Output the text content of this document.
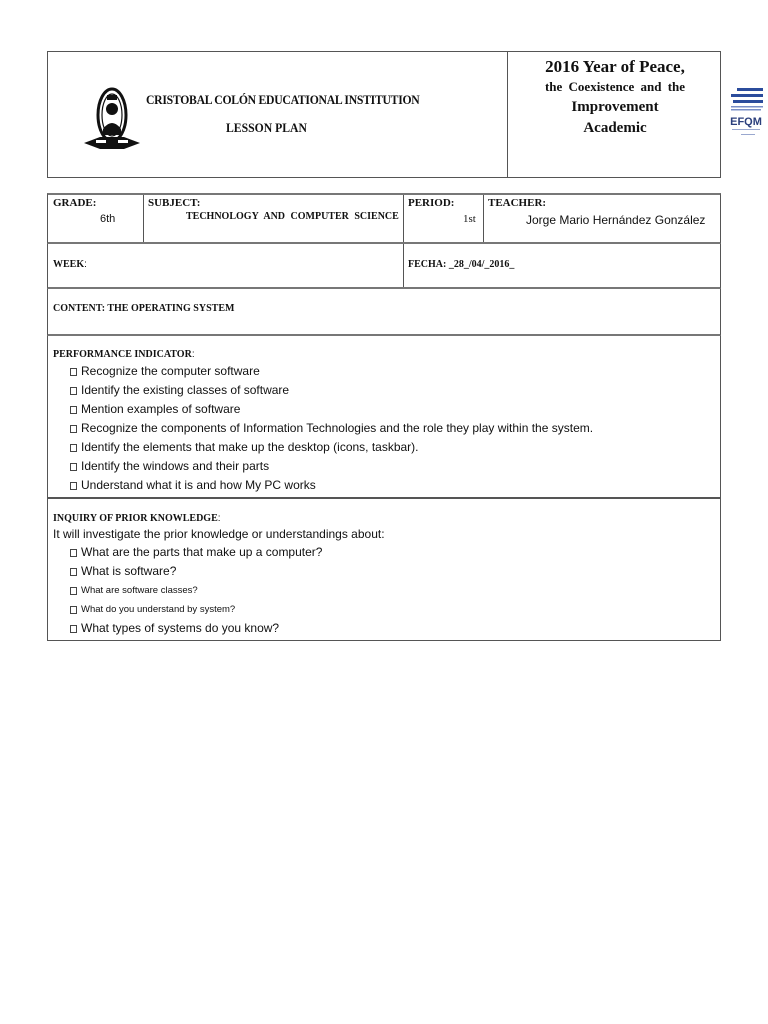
CRISTOBAL COLÓN EDUCATIONAL INSTITUTION
LESSON PLAN
2016 Year of Peace,
the Coexistence and the
Improvement
Academic	EFQM
GRADE:
6th
SUBJECT:
TECHNOLOGY AND COMPUTER SCIENCE
PERIOD:
1st
TEACHER:
Jorge Mario Hernández González
WEEK:	FECHA: _28_/04/_2016_
CONTENT: THE OPERATING SYSTEM
PERFORMANCE INDICATOR:
Recognize the computer software
Identify the existing classes of software
Mention examples of software
Recognize the components of Information Technologies and the role they play within the system.
Identify the elements that make up the desktop (icons, taskbar).
Identify the windows and their parts
Understand what it is and how My PC works
INQUIRY OF PRIOR KNOWLEDGE:
It will investigate the prior knowledge or understandings about:
What are the parts that make up a computer?
What is software?
What are software classes?
What do you understand by system?
What types of systems do you know?
